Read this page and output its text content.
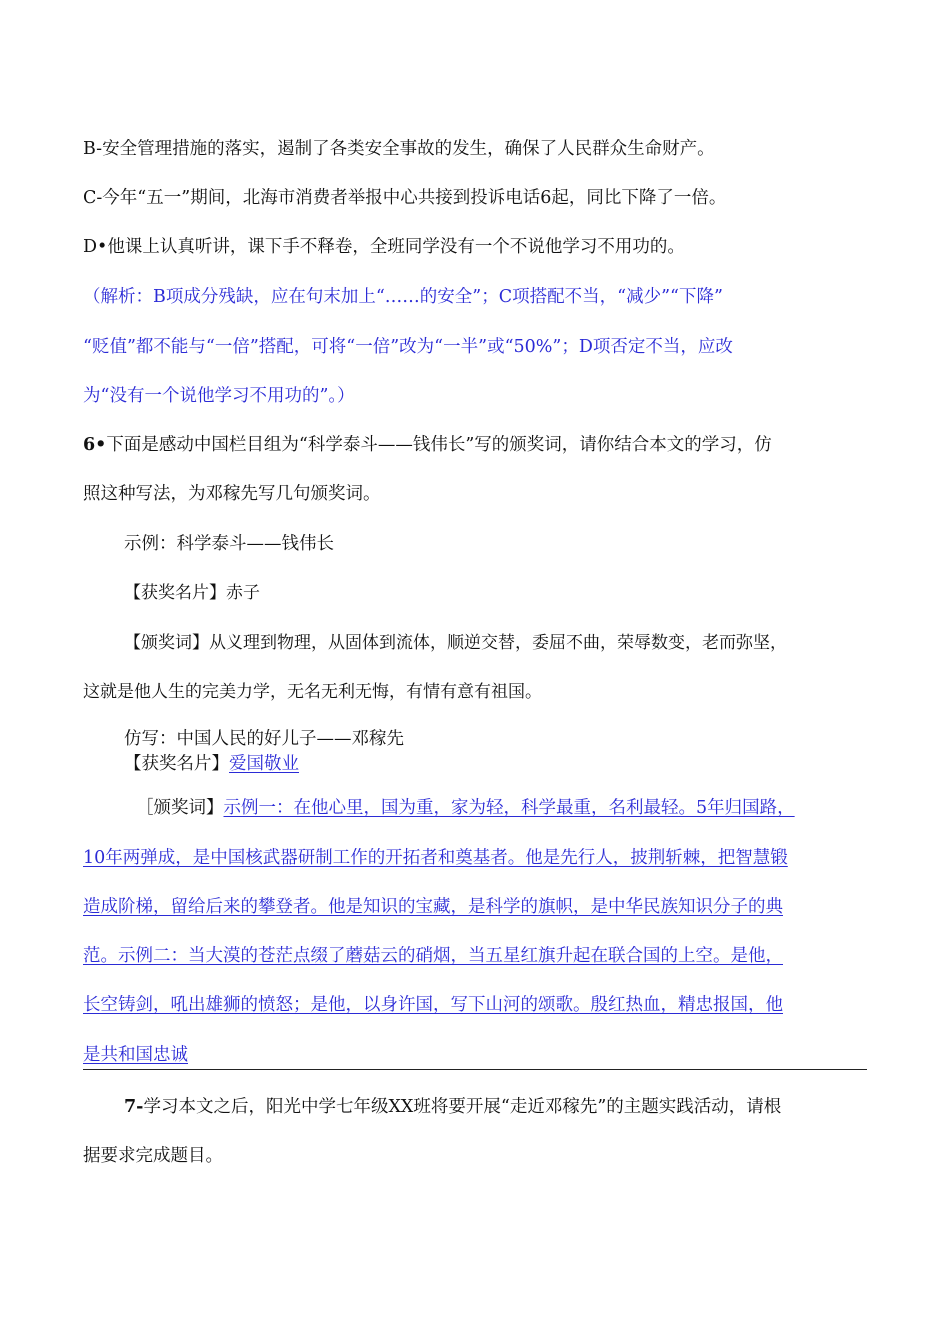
B-安全管理措施的落实，遏制了各类安全事故的发生，确保了人民群众生命财产。
C-今年“五一”期间，北海市消费者举报中心共接到投诉电话6起，同比下降了一倍。
D•他课上认真听讲，课下手不释卷，全班同学没有一个不说他学习不用功的。
（解析：B项成分残缺，应在句末加上“……的安全”；C项搭配不当，“减少”“下降”
“贬值”都不能与“一倍”搭配，可将“一倍”改为“一半”或“50%”；D项否定不当，应改
为“没有一个说他学习不用功的”。）
6•下面是感动中国栏目组为“科学泰斗——钱伟长”写的颁奖词，请你结合本文的学习，仿
照这种写法，为邓稼先写几句颁奖词。
示例：科学泰斗——钱伟长
【获奖名片】赤子
【颁奖词】从义理到物理，从固体到流体，顺逆交替，委屈不曲，荣辱数变，老而弥坚，
这就是他人生的完美力学，无名无利无悔，有情有意有祖国。
仿写：中国人民的好儿子——邓稼先
【获奖名片】爱国敬业
［颁奖词】示例一：在他心里，国为重，家为轻，科学最重，名利最轻。5年归国路，
10年两弹成，是中国核武器研制工作的开拓者和奠基者。他是先行人，披荆斩棘，把智慧锻
造成阶梯，留给后来的攀登者。他是知识的宝藏，是科学的旗帜，是中华民族知识分子的典
范。示例二：当大漠的苍茫点缀了蘑菇云的硝烟，当五星红旗升起在联合国的上空。是他，
长空铸剑，吼出雄狮的愤怒；是他，以身许国，写下山河的颂歌。殷红热血，精忠报国，他
是共和国忠诚
7-学习本文之后，阳光中学七年级XX班将要开展“走近邓稼先”的主题实践活动，请根
据要求完成题目。
